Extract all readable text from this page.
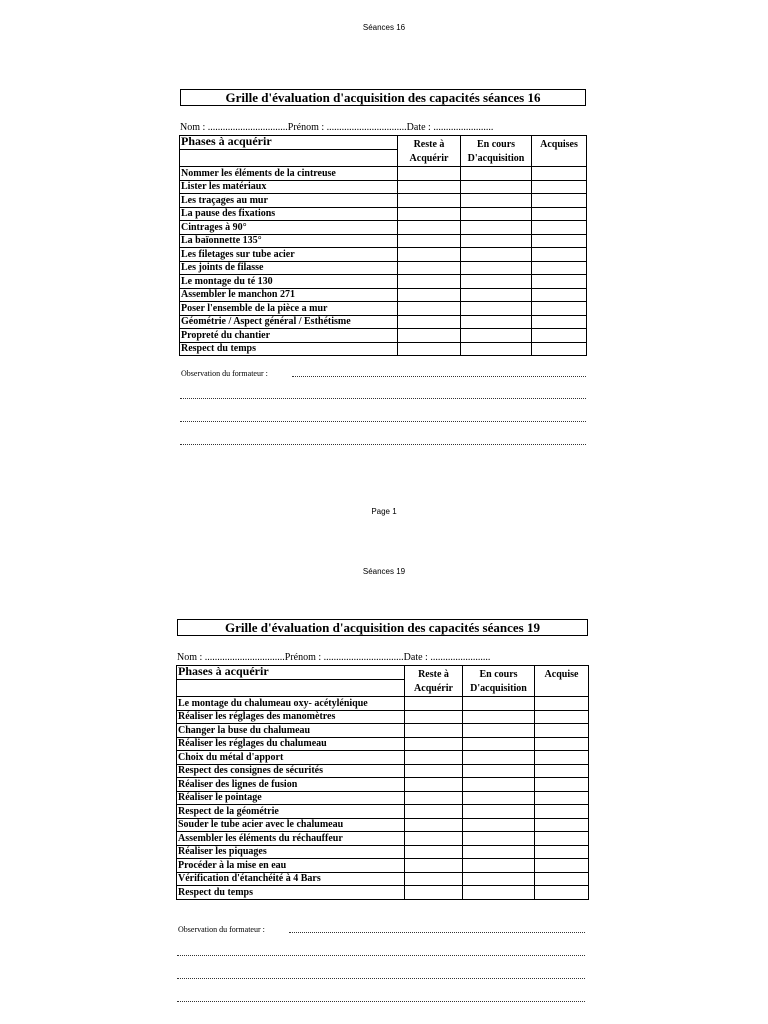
Séances 16
Grille d'évaluation d'acquisition des capacités séances 16
Nom : ................................Prénom : ................................Date : ........................
Phases à acquérir	Reste à Acquérir	En cours D'acquisition	Acquises

Nommer les éléments de la cintreuse			
Lister les matériaux			
Les traçages au mur			
La pause des fixations			
Cintrages à 90°			
La baïonnette 135°			
Les filetages sur tube acier			
Les joints de filasse			
Le montage du té 130			
Assembler le manchon 271			
Poser l'ensemble de la pièce a mur			
Géométrie / Aspect général / Esthétisme			
Propreté du chantier			
Respect du temps			
Observation du formateur :
Page 1
Séances 19
Grille d'évaluation d'acquisition des capacités séances 19
Nom : ................................Prénom : ................................Date : ........................
Phases à acquérir	Reste à Acquérir	En cours D'acquisition	Acquise

Le montage du chalumeau oxy- acétylénique			
Réaliser les réglages des manomètres			
Changer la buse du chalumeau			
Réaliser les réglages du chalumeau			
Choix du métal d'apport			
Respect des consignes de sécurités			
Réaliser des lignes de fusion			
Réaliser le pointage			
Respect de la géométrie			
Souder le tube acier avec le chalumeau			
Assembler les éléments du réchauffeur			
Réaliser les piquages			
Procéder à la mise en eau			
Vérification d'étanchéité à 4 Bars			
Respect du temps			
Observation du formateur :
